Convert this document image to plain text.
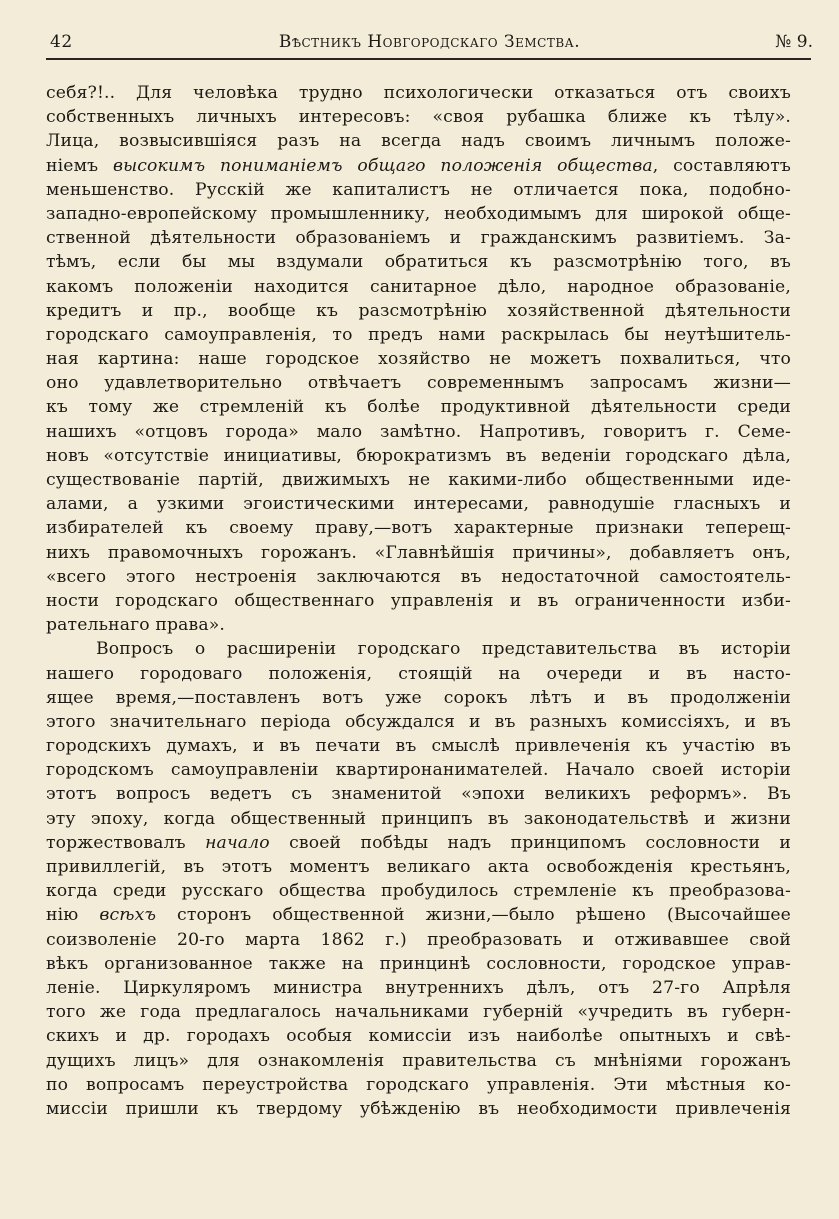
42	Вѣстникъ Новгородскаго Земства.	№ 9.
себя?!.. Для человѣка трудно психологически отказаться отъ своихъ
собственныхъ личныхъ интересовъ: «своя рубашка ближе къ тѣлу».
Лица, возвысившіяся разъ на всегда надъ своимъ личнымъ положе-
ніемъ высокимъ пониманіемъ общаго положенія общества, составляютъ
меньшенство. Русскій же капиталистъ не отличается пока, подобно-
западно-европейскому промышленнику, необходимымъ для широкой обще-
ственной дѣятельности образованіемъ и гражданскимъ развитіемъ. За-
тѣмъ, если бы мы вздумали обратиться къ разсмотрѣнію того, въ
какомъ положеніи находится санитарное дѣло, народное образованіе,
кредитъ и пр., вообще къ разсмотрѣнію хозяйственной дѣятельности
городскаго самоуправленія, то предъ нами раскрылась бы неутѣшитель-
ная картина: наше городское хозяйство не можетъ похвалиться, что
оно удавлетворительно отвѣчаетъ современнымъ запросамъ жизни—
къ тому же стремленій къ болѣе продуктивной дѣятельности среди
нашихъ «отцовъ города» мало замѣтно. Напротивъ, говоритъ г. Семе-
новъ «отсутствіе инициативы, бюрократизмъ въ веденіи городскаго дѣла,
существованіе партій, движимыхъ не какими-либо общественными иде-
алами, а узкими эгоистическими интересами, равнодушіе гласныхъ и
избирателей къ своему праву,—вотъ характерные признаки теперещ-
нихъ правомочныхъ горожанъ. «Главнѣйшія причины», добавляетъ онъ,
«всего этого нестроенія заключаются въ недостаточной самостоятель-
ности городскаго общественнаго управленія и въ ограниченности изби-
рательнаго права».
Вопросъ о расширеніи городскаго представительства въ исторіи
нашего городоваго положенія, стоящій на очереди и въ насто-
ящее время,—поставленъ вотъ уже сорокъ лѣтъ и въ продолженіи
этого значительнаго періода обсуждался и въ разныхъ комиссіяхъ, и въ
городскихъ думахъ, и въ печати въ смыслѣ привлеченія къ участію въ
городскомъ самоуправленіи квартиронанимателей. Начало своей исторіи
этотъ вопросъ ведетъ съ знаменитой «эпохи великихъ реформъ». Въ
эту эпоху, когда общественный принципъ въ законодательствѣ и жизни
торжествовалъ начало своей побѣды надъ принципомъ сословности и
привиллегій, въ этотъ моментъ великаго акта освобожденія крестьянъ,
когда среди русскаго общества пробудилось стремленіе къ преобразова-
нію всѣхъ сторонъ общественной жизни,—было рѣшено (Высочайшее
соизволеніе 20-го марта 1862 г.) преобразовать и отживавшее свой
вѣкъ организованное также на принцинѣ сословности, городское управ-
леніе. Циркуляромъ министра внутреннихъ дѣлъ, отъ 27-го Апрѣля
того же года предлагалось начальниками губерній «учредить въ губерн-
скихъ и др. городахъ особыя комиссіи изъ наиболѣе опытныхъ и свѣ-
дущихъ лицъ» для ознакомленія правительства съ мнѣніями горожанъ
по вопросамъ переустройства городскаго управленія. Эти мѣстныя ко-
миссіи пришли къ твердому убѣжденію въ необходимости привлеченія
